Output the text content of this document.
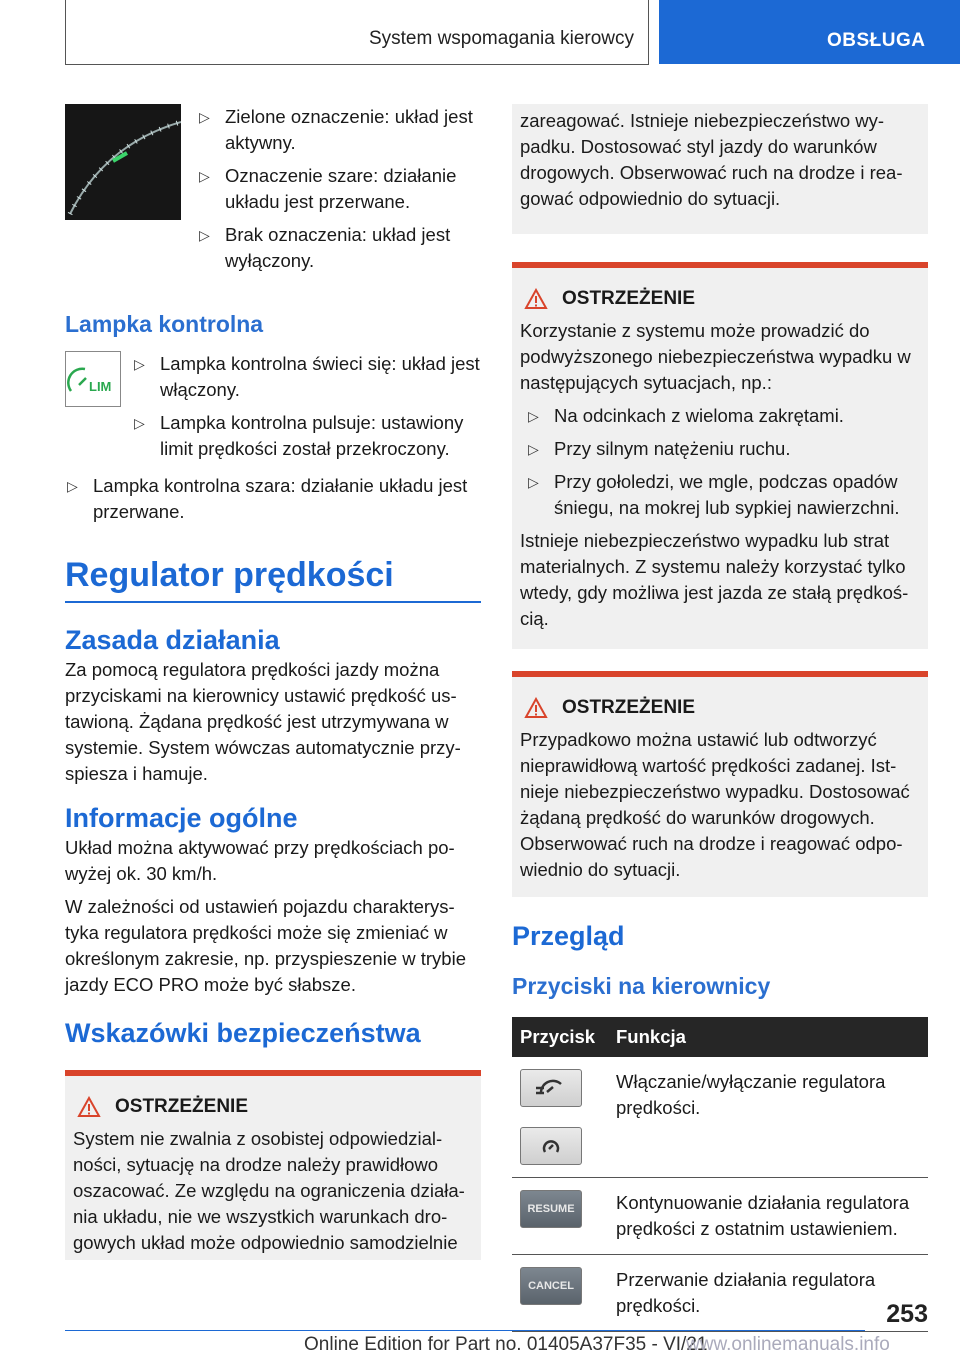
System wspomagania kierowcy	OBSŁUGA
▷ Zielone oznaczenie: układ jest aktywny.
▷ Oznaczenie szare: działanie układu jest przerwane.
▷ Brak oznaczenia: układ jest wyłączony.
Lampka kontrolna
LIM
▷ Lampka kontrolna świeci się: układ jest włączony.
▷ Lampka kontrolna pulsuje: ustawiony limit prędkości został przekroczony.
▷ Lampka kontrolna szara: działanie układu jest przerwane.
Regulator prędkości
Zasada działania

Za pomocą regulatora prędkości jazdy można przyciskami na kierownicy ustawić prędkość us- tawioną. Żądana prędkość jest utrzymywana w systemie. System wówczas automatycznie przy- spiesza i hamuje.

Informacje ogólne

Układ można aktywować przy prędkościach po- wyżej ok. 30 km/h.

W zależności od ustawień pojazdu charakterys- tyka regulatora prędkości może się zmieniać w określonym zakresie, np. przyspieszenie w trybie jazdy ECO PRO może być słabsze.

Wskazówki bezpieczeństwa
OSTRZEŻENIE
System nie zwalnia z osobistej odpowiedzial- ności, sytuację na drodze należy prawidłowo oszacować. Ze względu na ograniczenia działa- nia układu, nie we wszystkich warunkach dro- gowych układ może odpowiednio samodzielnie
zareagować. Istnieje niebezpieczeństwo wy- padku. Dostosować styl jazdy do warunków drogowych. Obserwować ruch na drodze i rea- gować odpowiednio do sytuacji.
OSTRZEŻENIE

Korzystanie z systemu może prowadzić do podwyższonego niebezpieczeństwa wypadku w następujących sytuacjach, np.:

▷ Na odcinkach z wieloma zakrętami.
▷ Przy silnym natężeniu ruchu.
▷ Przy gołoledzi, we mgle, podczas opadów śniegu, na mokrej lub sypkiej nawierzchni.

Istnieje niebezpieczeństwo wypadku lub strat materialnych. Z systemu należy korzystać tylko wtedy, gdy możliwa jest jazda ze stałą prędkoś- cią.

OSTRZEŻENIE
Przypadkowo można ustawić lub odtworzyć nieprawidłową wartość prędkości zadanej. Ist- nieje niebezpieczeństwo wypadku. Dostosować żądaną prędkość do warunków drogowych. Obserwować ruch na drodze i reagować odpo- wiednio do sytuacji.
Przegląd
Przyciski na kierownicy
Przycisk	Funkcja

	Włączanie/wyłączanie regulatora prędkości.

RESUME	Kontynuowanie działania regulatora prędkości z ostatnim ustawieniem.

CANCEL	Przerwanie działania regulatora prędkości.	253
Online Edition for Part no. 01405A37F35 - VI/21
www.onlinemanuals.info
